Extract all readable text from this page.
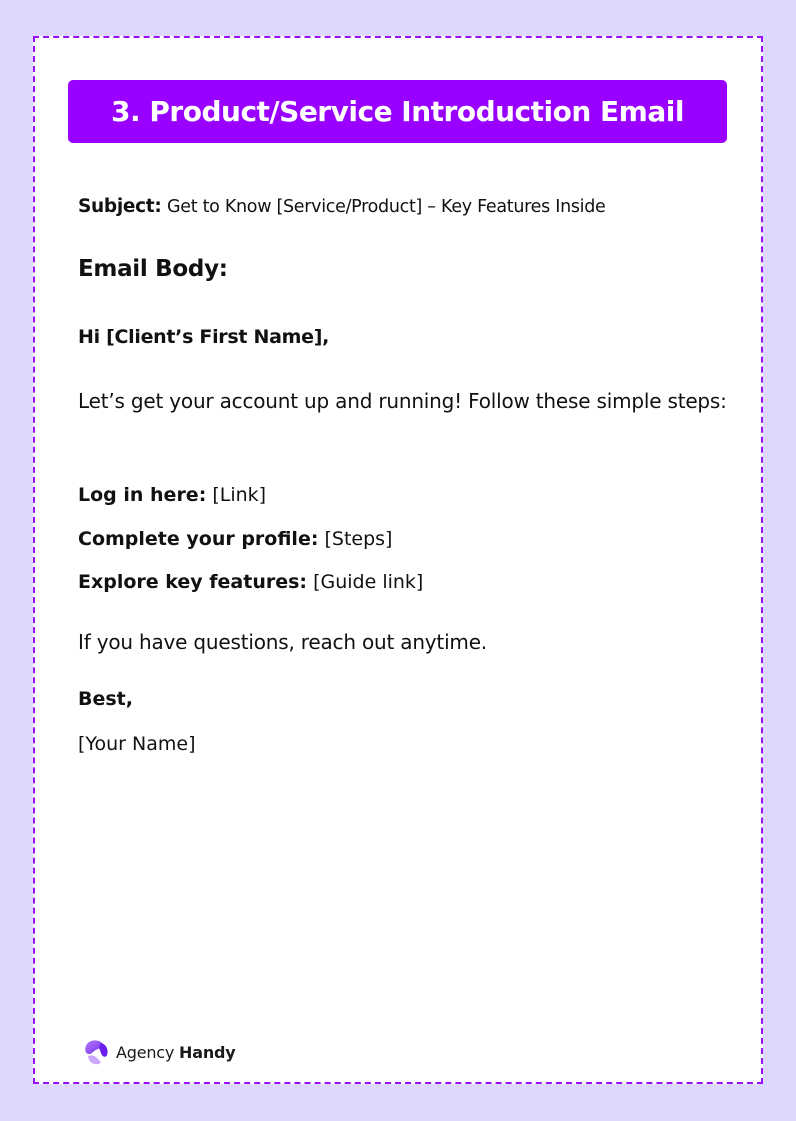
3. Product/Service Introduction Email
Subject: Get to Know [Service/Product] – Key Features Inside
Email Body:
Hi [Client’s First Name],
Let’s get your account up and running! Follow these simple steps:
Log in here: [Link]
Complete your profile: [Steps]
Explore key features: [Guide link]
If you have questions, reach out anytime.
Best,
[Your Name]
Agency Handy
